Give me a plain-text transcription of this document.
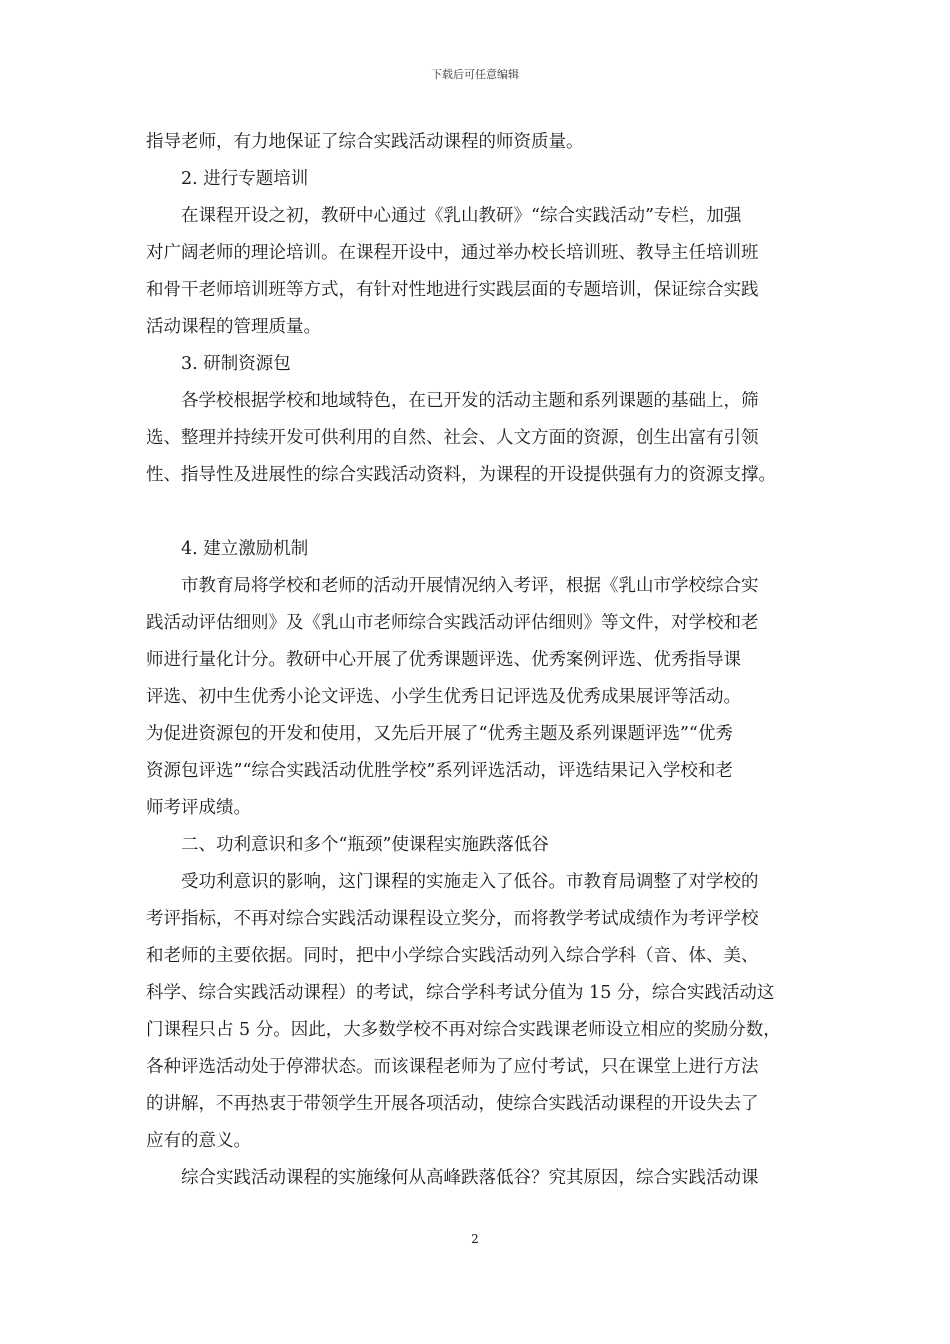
下载后可任意编辑
指导老师，有力地保证了综合实践活动课程的师资质量。
2. 进行专题培训
在课程开设之初，教研中心通过《乳山教研》“综合实践活动”专栏，加强
对广阔老师的理论培训。在课程开设中，通过举办校长培训班、教导主任培训班
和骨干老师培训班等方式，有针对性地进行实践层面的专题培训，保证综合实践
活动课程的管理质量。
3. 研制资源包
各学校根据学校和地域特色，在已开发的活动主题和系列课题的基础上，筛
选、整理并持续开发可供利用的自然、社会、人文方面的资源，创生出富有引领
性、指导性及进展性的综合实践活动资料，为课程的开设提供强有力的资源支撑。
4. 建立激励机制
市教育局将学校和老师的活动开展情况纳入考评，根据《乳山市学校综合实
践活动评估细则》及《乳山市老师综合实践活动评估细则》等文件，对学校和老
师进行量化计分。教研中心开展了优秀课题评选、优秀案例评选、优秀指导课
评选、初中生优秀小论文评选、小学生优秀日记评选及优秀成果展评等活动。
为促进资源包的开发和使用，又先后开展了“优秀主题及系列课题评选”“优秀
资源包评选”“综合实践活动优胜学校”系列评选活动，评选结果记入学校和老
师考评成绩。
二、功利意识和多个“瓶颈”使课程实施跌落低谷
受功利意识的影响，这门课程的实施走入了低谷。市教育局调整了对学校的
考评指标，不再对综合实践活动课程设立奖分，而将教学考试成绩作为考评学校
和老师的主要依据。同时，把中小学综合实践活动列入综合学科（音、体、美、
科学、综合实践活动课程）的考试，综合学科考试分值为 15 分，综合实践活动这
门课程只占 5 分。因此，大多数学校不再对综合实践课老师设立相应的奖励分数，
各种评选活动处于停滞状态。而该课程老师为了应付考试，只在课堂上进行方法
的讲解，不再热衷于带领学生开展各项活动，使综合实践活动课程的开设失去了
应有的意义。
综合实践活动课程的实施缘何从高峰跌落低谷？究其原因，综合实践活动课
2
